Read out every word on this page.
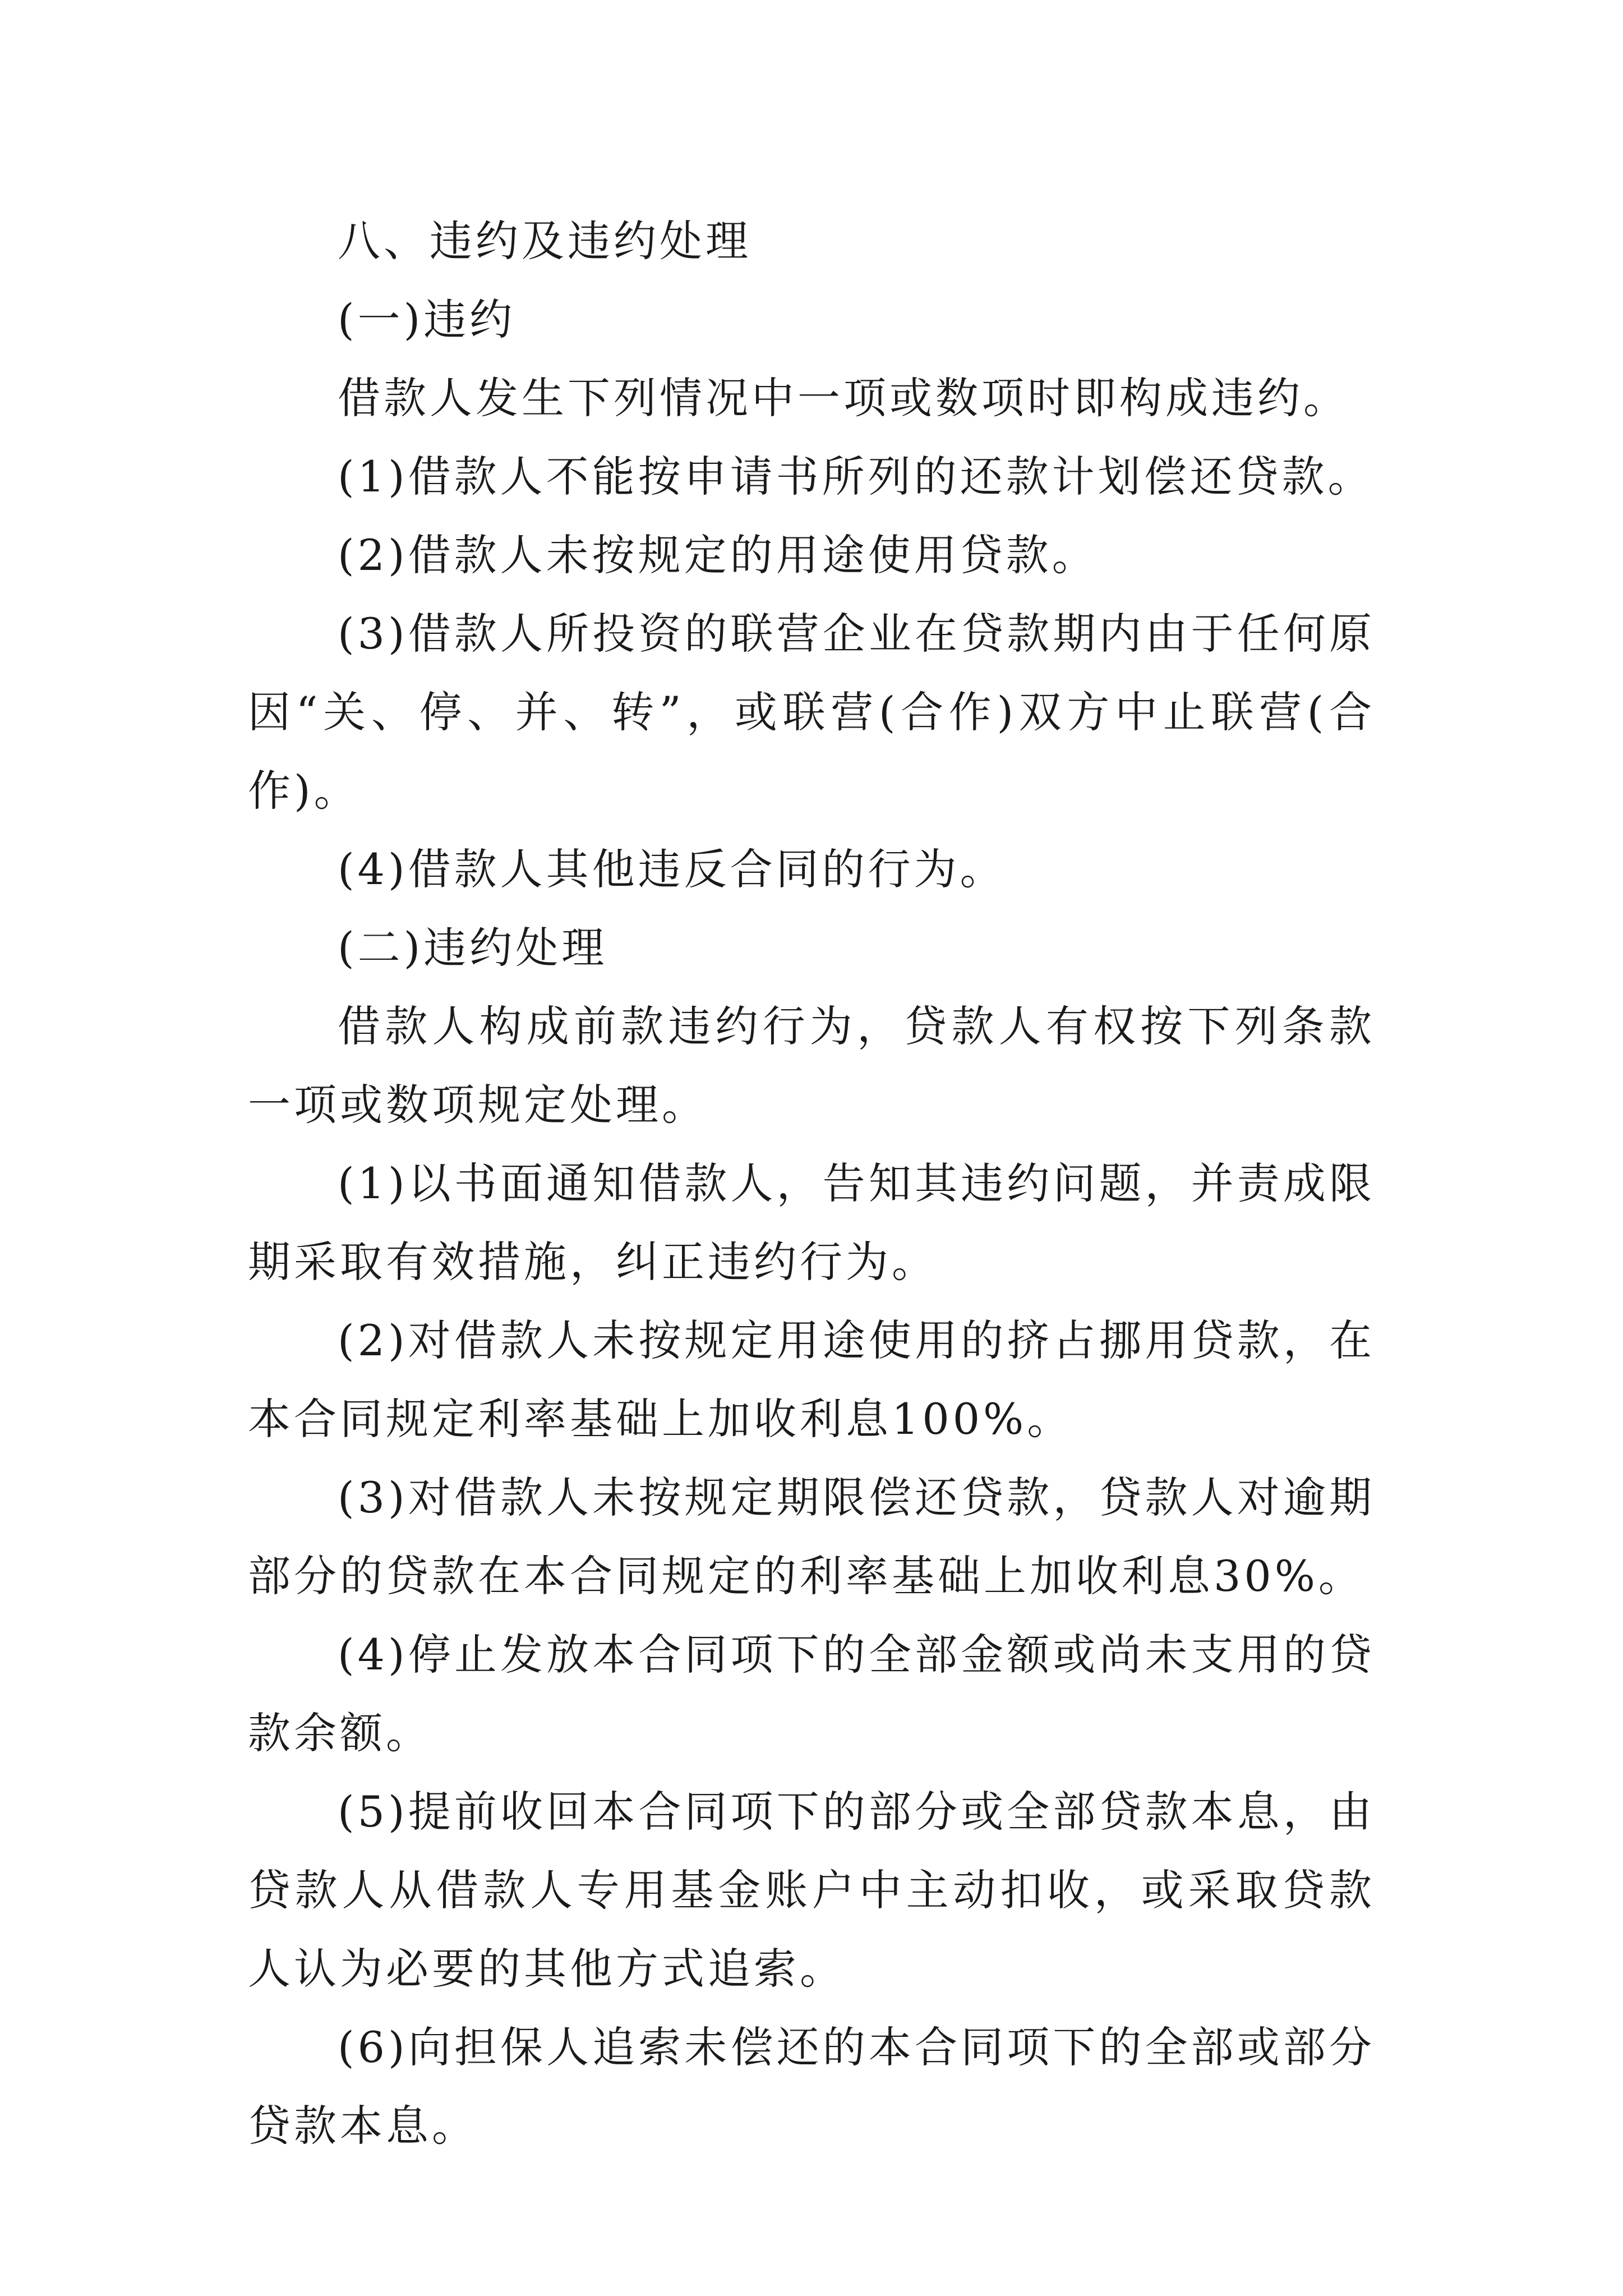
八、违约及违约处理

(一)违约

借款人发生下列情况中一项或数项时即构成违约。

(1)借款人不能按申请书所列的还款计划偿还贷款。

(2)借款人未按规定的用途使用贷款。

(3)借款人所投资的联营企业在贷款期内由于任何原因“关、停、并、转”，或联营(合作)双方中止联营(合作)。

(4)借款人其他违反合同的行为。

(二)违约处理

借款人构成前款违约行为，贷款人有权按下列条款一项或数项规定处理。

(1)以书面通知借款人，告知其违约问题，并责成限期采取有效措施，纠正违约行为。

(2)对借款人未按规定用途使用的挤占挪用贷款，在本合同规定利率基础上加收利息100%。

(3)对借款人未按规定期限偿还贷款，贷款人对逾期部分的贷款在本合同规定的利率基础上加收利息30%。

(4)停止发放本合同项下的全部金额或尚未支用的贷款余额。

(5)提前收回本合同项下的部分或全部贷款本息，由贷款人从借款人专用基金账户中主动扣收，或采取贷款人认为必要的其他方式追索。

(6)向担保人追索未偿还的本合同项下的全部或部分贷款本息。
